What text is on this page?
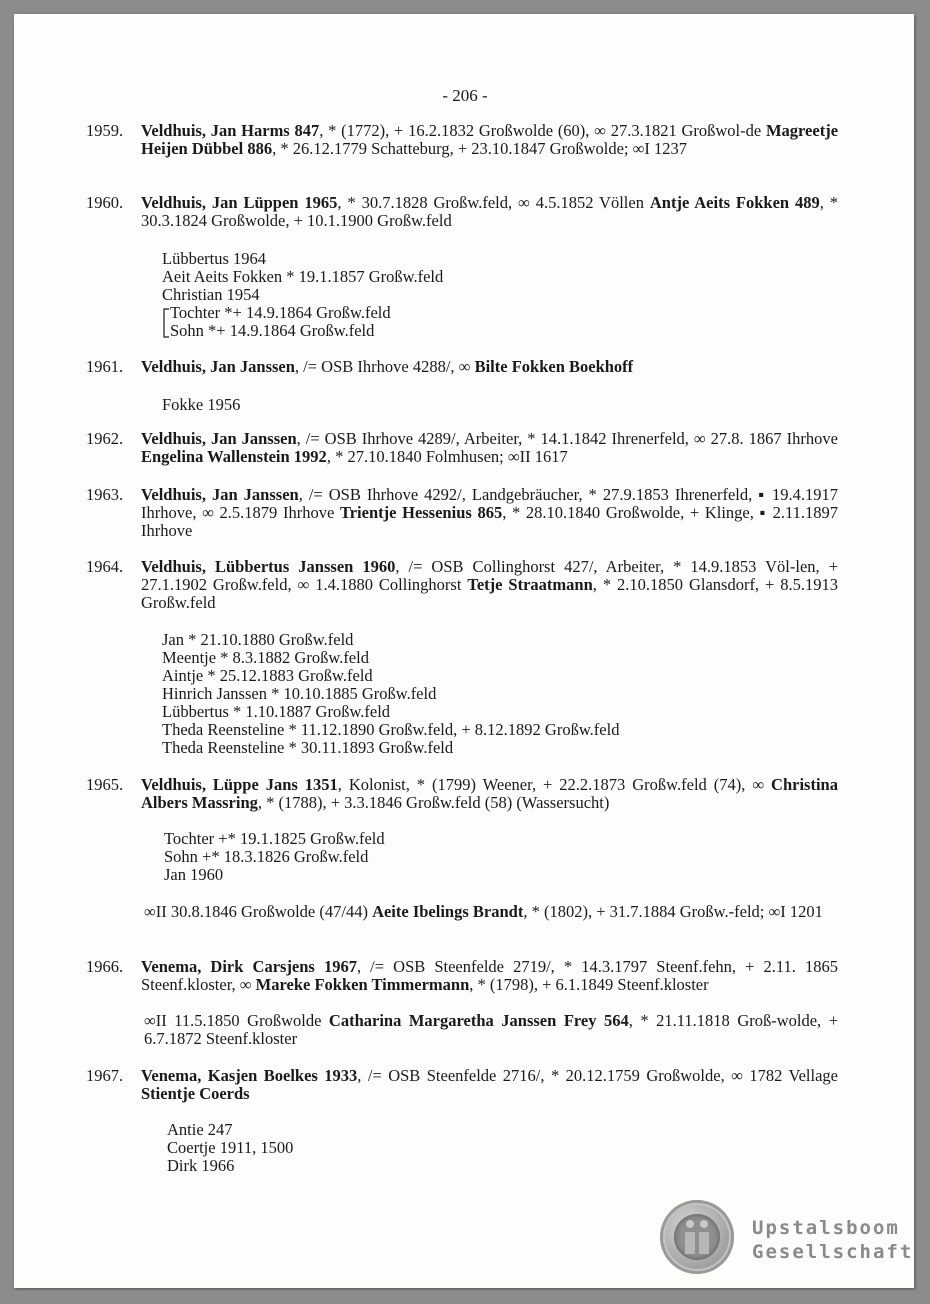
- 206 -
1959.	Veldhuis, Jan Harms 847, * (1772), + 16.2.1832 Großwolde (60), ∞ 27.3.1821 Großwol-de Magreetje Heijen Dübbel 886, * 26.12.1779 Schatteburg, + 23.10.1847 Großwolde; ∞I 1237
1960.	Veldhuis, Jan Lüppen 1965, * 30.7.1828 Großw.feld, ∞ 4.5.1852 Völlen Antje Aeits Fokken 489, * 30.3.1824 Großwolde, + 10.1.1900 Großw.feld
Lübbertus 1964
Aeit Aeits Fokken * 19.1.1857 Großw.feld
Christian 1954
Tochter *+ 14.9.1864 Großw.feld
Sohn *+ 14.9.1864 Großw.feld
1961.	Veldhuis, Jan Janssen, /= OSB Ihrhove 4288/, ∞ Bilte Fokken Boekhoff
Fokke 1956
1962.	Veldhuis, Jan Janssen, /= OSB Ihrhove 4289/, Arbeiter, * 14.1.1842 Ihrenerfeld, ∞ 27.8. 1867 Ihrhove Engelina Wallenstein 1992, * 27.10.1840 Folmhusen; ∞II 1617
1963.	Veldhuis, Jan Janssen, /= OSB Ihrhove 4292/, Landgebräucher, * 27.9.1853 Ihrenerfeld, ▪ 19.4.1917 Ihrhove, ∞ 2.5.1879 Ihrhove Trientje Hessenius 865, * 28.10.1840 Großwolde, + Klinge, ▪ 2.11.1897 Ihrhove
1964.	Veldhuis, Lübbertus Janssen 1960, /= OSB Collinghorst 427/, Arbeiter, * 14.9.1853 Völ-len, + 27.1.1902 Großw.feld, ∞ 1.4.1880 Collinghorst Tetje Straatmann, * 2.10.1850 Glansdorf, + 8.5.1913 Großw.feld
Jan * 21.10.1880 Großw.feld
Meentje * 8.3.1882 Großw.feld
Aintje * 25.12.1883 Großw.feld
Hinrich Janssen * 10.10.1885 Großw.feld
Lübbertus * 1.10.1887 Großw.feld
Theda Reensteline * 11.12.1890 Großw.feld, + 8.12.1892 Großw.feld
Theda Reensteline * 30.11.1893 Großw.feld
1965.	Veldhuis, Lüppe Jans 1351, Kolonist, * (1799) Weener, + 22.2.1873 Großw.feld (74), ∞ Christina Albers Massring, * (1788), + 3.3.1846 Großw.feld (58) (Wassersucht)
Tochter +* 19.1.1825 Großw.feld
Sohn +* 18.3.1826 Großw.feld
Jan 1960
∞II 30.8.1846 Großwolde (47/44) Aeite Ibelings Brandt, * (1802), + 31.7.1884 Großw.-feld; ∞I 1201
1966.	Venema, Dirk Carsjens 1967, /= OSB Steenfelde 2719/, * 14.3.1797 Steenf.fehn, + 2.11. 1865 Steenf.kloster, ∞ Mareke Fokken Timmermann, * (1798), + 6.1.1849 Steenf.kloster
∞II 11.5.1850 Großwolde Catharina Margaretha Janssen Frey 564, * 21.11.1818 Groß-wolde, + 6.7.1872 Steenf.kloster
1967.	Venema, Kasjen Boelkes 1933, /= OSB Steenfelde 2716/, * 20.12.1759 Großwolde, ∞ 1782 Vellage Stientje Coerds
Antie 247
Coertje 1911, 1500
Dirk 1966
Upstalsboom
Gesellschaft
